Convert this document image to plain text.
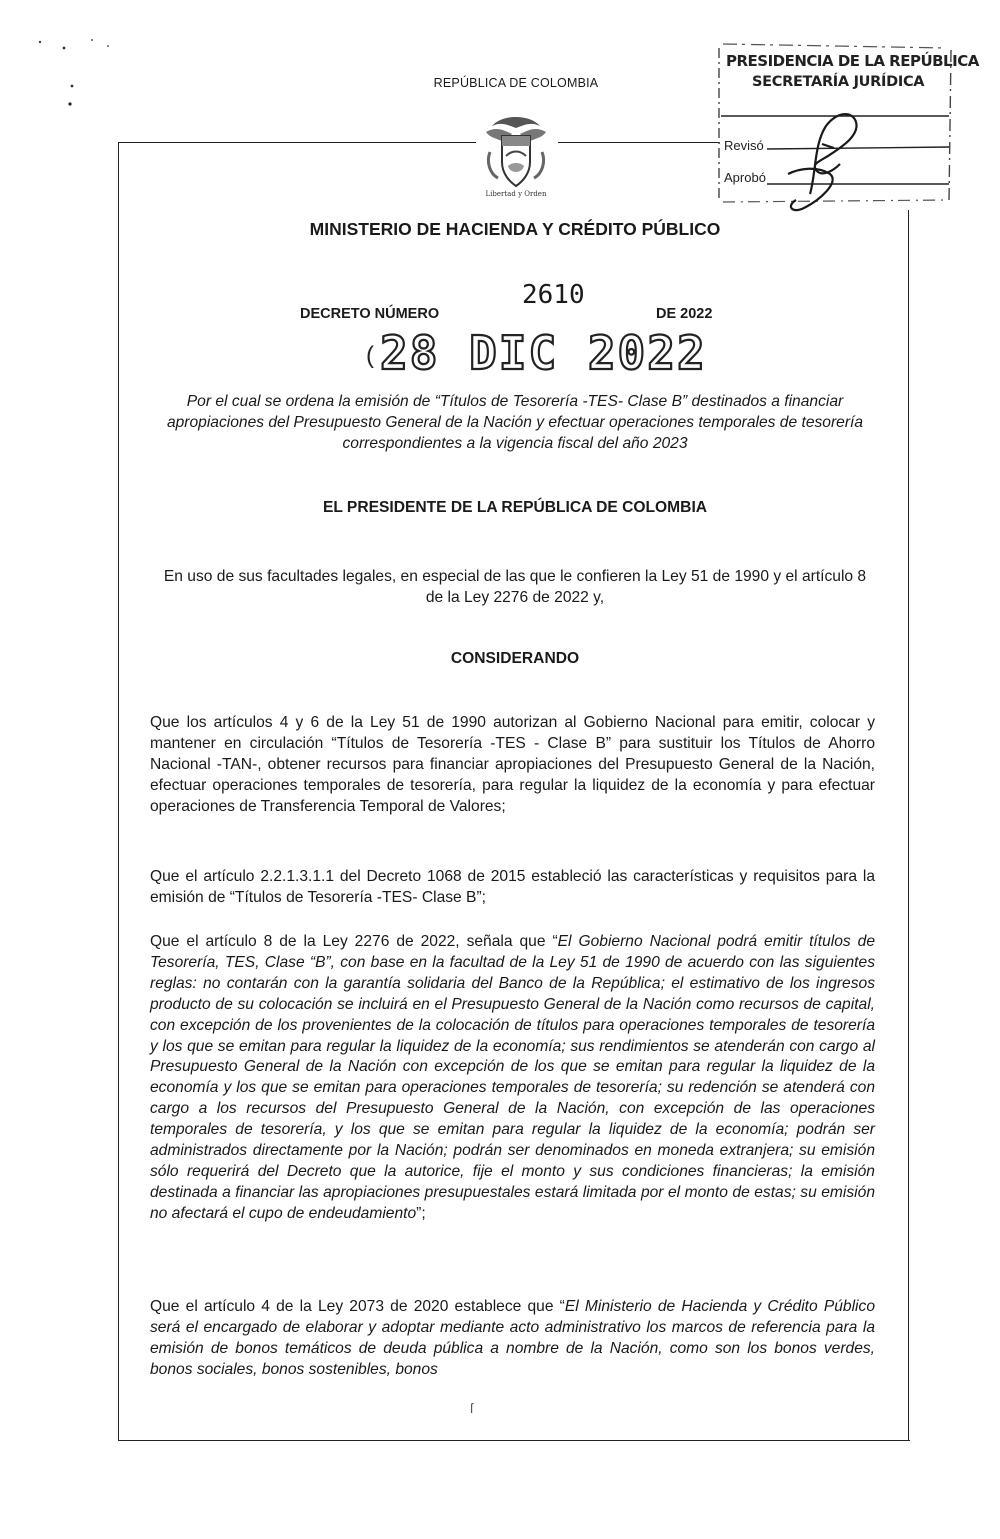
REPÚBLICA DE COLOMBIA
Libertad y Orden
MINISTERIO DE HACIENDA Y CRÉDITO PÚBLICO
PRESIDENCIA DE LA REPÚBLICA
SECRETARÍA JURÍDICA
Revisó
Aprobó
DECRETO NÚMERO
2610
DE 2022
( 28 DIC 2022
Por el cual se ordena la emisión de “Títulos de Tesorería -TES- Clase B” destinados a financiar apropiaciones del Presupuesto General de la Nación y efectuar operaciones temporales de tesorería correspondientes a la vigencia fiscal del año 2023
EL PRESIDENTE DE LA REPÚBLICA DE COLOMBIA
En uso de sus facultades legales, en especial de las que le confieren la Ley 51 de 1990 y el artículo 8 de la Ley 2276 de 2022 y,
CONSIDERANDO
Que los artículos 4 y 6 de la Ley 51 de 1990 autorizan al Gobierno Nacional para emitir, colocar y mantener en circulación “Títulos de Tesorería -TES - Clase B” para sustituir los Títulos de Ahorro Nacional -TAN-, obtener recursos para financiar apropiaciones del Presupuesto General de la Nación, efectuar operaciones temporales de tesorería, para regular la liquidez de la economía y para efectuar operaciones de Transferencia Temporal de Valores;
Que el artículo 2.2.1.3.1.1 del Decreto 1068 de 2015 estableció las características y requisitos para la emisión de “Títulos de Tesorería -TES- Clase B”;
Que el artículo 8 de la Ley 2276 de 2022, señala que “El Gobierno Nacional podrá emitir títulos de Tesorería, TES, Clase “B”, con base en la facultad de la Ley 51 de 1990 de acuerdo con las siguientes reglas: no contarán con la garantía solidaria del Banco de la República; el estimativo de los ingresos producto de su colocación se incluirá en el Presupuesto General de la Nación como recursos de capital, con excepción de los provenientes de la colocación de títulos para operaciones temporales de tesorería y los que se emitan para regular la liquidez de la economía; sus rendimientos se atenderán con cargo al Presupuesto General de la Nación con excepción de los que se emitan para regular la liquidez de la economía y los que se emitan para operaciones temporales de tesorería; su redención se atenderá con cargo a los recursos del Presupuesto General de la Nación, con excepción de las operaciones temporales de tesorería, y los que se emitan para regular la liquidez de la economía; podrán ser administrados directamente por la Nación; podrán ser denominados en moneda extranjera; su emisión sólo requerirá del Decreto que la autorice, fije el monto y sus condiciones financieras; la emisión destinada a financiar las apropiaciones presupuestales estará limitada por el monto de estas; su emisión no afectará el cupo de endeudamiento”;
Que el artículo 4 de la Ley 2073 de 2020 establece que “El Ministerio de Hacienda y Crédito Público será el encargado de elaborar y adoptar mediante acto administrativo los marcos de referencia para la emisión de bonos temáticos de deuda pública a nombre de la Nación, como son los bonos verdes, bonos sociales, bonos sostenibles, bonos
ſ
